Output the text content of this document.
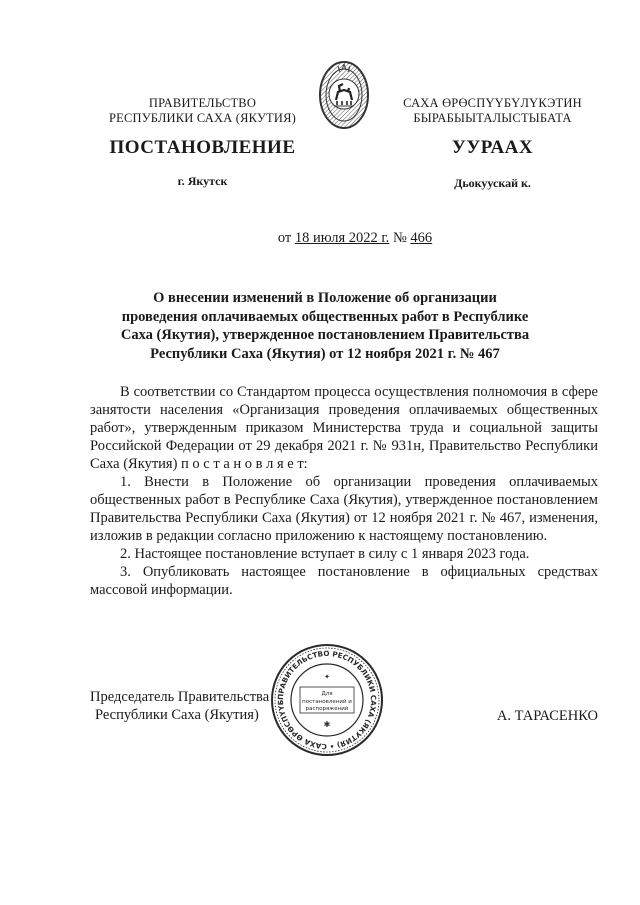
ПРАВИТЕЛЬСТВО
РЕСПУБЛИКИ САХА (ЯКУТИЯ)
САХА ӨРӨСПҮҮБҮЛҮКЭТИН
БЫРАБЫЫТАЛЫСТЫБАТА
ПОСТАНОВЛЕНИЕ	УУРААХ
г. Якутск	Дьокуускай к.
от 18 июля 2022 г. № 466
О внесении изменений в Положение об организации
проведения оплачиваемых общественных работ в Республике
Саха (Якутия), утвержденное постановлением Правительства
Республики Саха (Якутия) от 12 ноября 2021 г. № 467

В соответствии со Стандартом процесса осуществления полномочия в сфере занятости населения «Организация проведения оплачиваемых общественных работ», утвержденным приказом Министерства труда и социальной защиты Российской Федерации от 29 декабря 2021 г. № 931н, Правительство Республики Саха (Якутия) п о с т а н о в л я е т:

1. Внести в Положение об организации проведения оплачиваемых общественных работ в Республике Саха (Якутия), утвержденное постановлением Правительства Республики Саха (Якутия) от 12 ноября 2021 г. № 467, изменения, изложив в редакции согласно приложению к настоящему постановлению.

2. Настоящее постановление вступает в силу с 1 января 2023 года.

3. Опубликовать настоящее постановление в официальных средствах массовой информации.

Председатель Правительства
Республики Саха (Якутия)
ПРАВИТЕЛЬСТВО РЕСПУБЛИКИ САХА (ЯКУТИЯ) • САХА ӨРӨСПҮҮБ
Для
постановлений и
распоряжений
✱
✦
А. ТАРАСЕНКО
